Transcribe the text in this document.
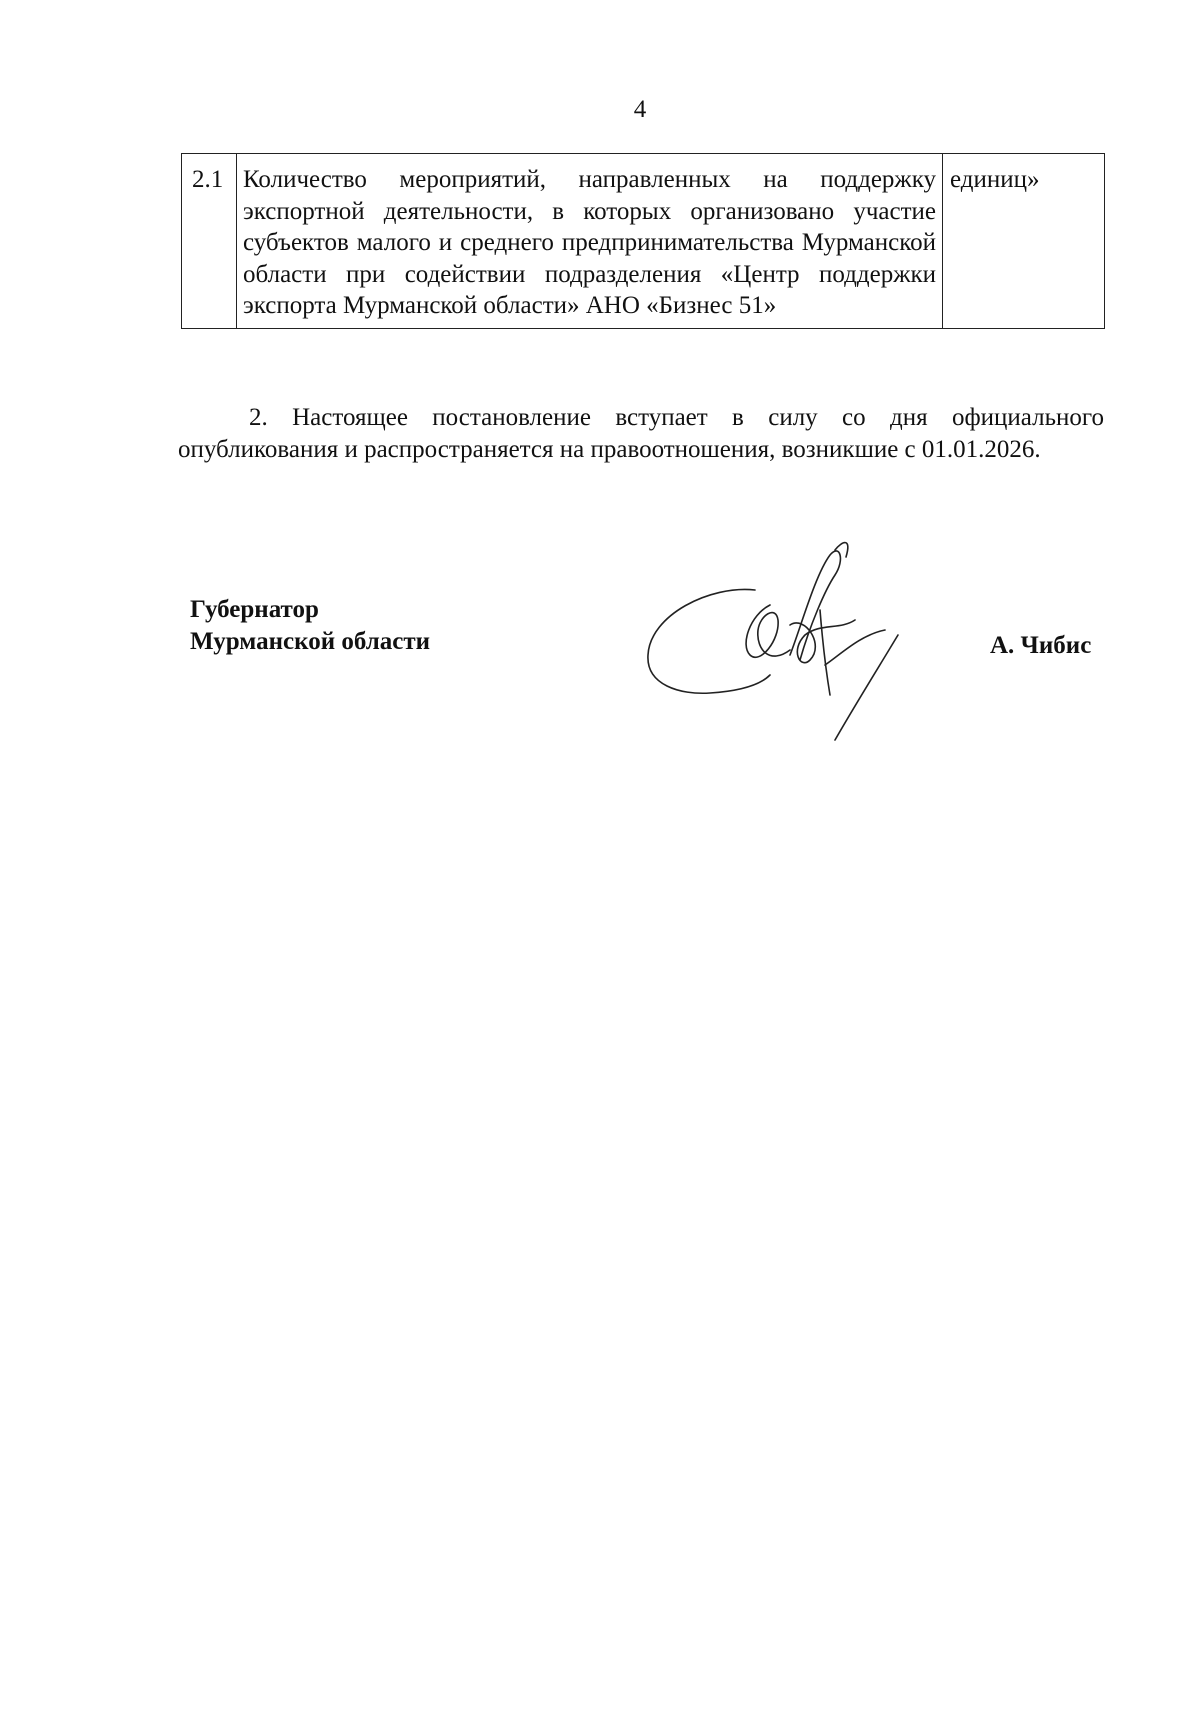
4
2.1	Количество мероприятий, направленных на поддержку экспортной деятельности, в которых организовано участие субъектов малого и среднего предпринимательства Мурманской области при содействии подразделения «Центр поддержки экспорта Мурманской области» АНО «Бизнес 51»	единиц»

2. Настоящее постановление вступает в силу со дня официального опубликования и распространяется на правоотношения, возникшие с 01.01.2026.

Губернатор
Мурманской области	А. Чибис
